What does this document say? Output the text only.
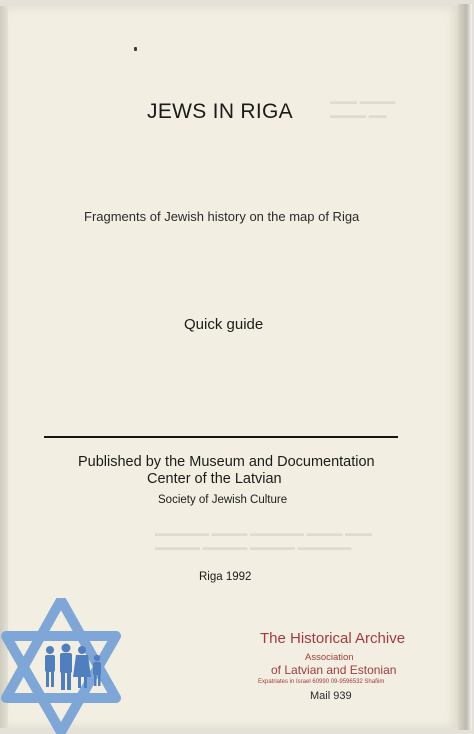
▬▬▬ ▬▬▬▬
▬▬▬▬ ▬▬
▬▬▬▬▬▬ ▬▬▬▬ ▬▬▬▬▬▬ ▬▬▬▬ ▬▬▬
▬▬▬▬▬ ▬▬▬▬▬ ▬▬▬▬▬ ▬▬▬▬▬▬
JEWS IN RIGA
Fragments of Jewish history on the map of Riga
Quick guide
Published by the Museum and Documentation
Center of the Latvian
Society of Jewish Culture
Riga 1992
The Historical Archive
Association
of Latvian and Estonian
Expatriates in Israel 60990 09-9596532 Shafiim
Mail 939
